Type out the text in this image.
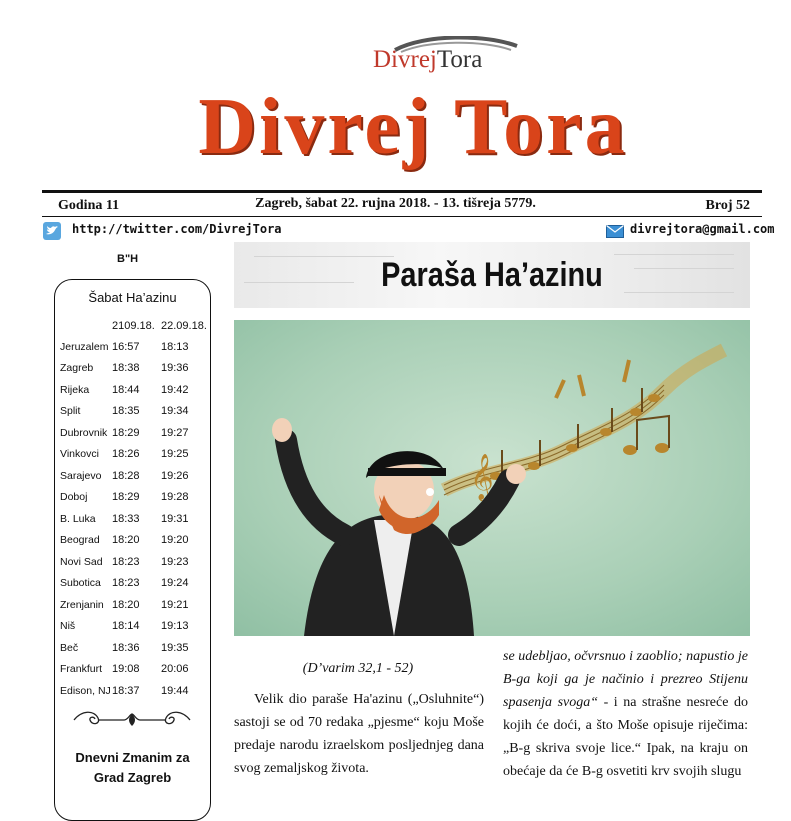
DivrejTora
Divrej Tora
Godina 11	Zagreb, šabat 22. rujna 2018. - 13. tišreja 5779.	Broj 52
http://twitter.com/DivrejTora	divrejtora@gmail.com
B"H
Šabat Ha’azinu
2109.18. 22.09.18.
Jeruzalem 16:57 18:13
Zagreb	18:38 19:36
Rijeka	18:44 19:42
Split	18:35 19:34
Dubrovnik 18:29 19:27
Vinkovci	18:26 19:25
Sarajevo 18:28 19:26
Doboj	18:29 19:28
B. Luka	18:33 19:31
Beograd	18:20 19:20
Novi Sad 18:23 19:23
Subotica	18:23 19:24
Zrenjanin 18:20 19:21
Niš	18:14 19:13
Beč	18:36 19:35
Frankfurt 19:08 20:06
Edison, NJ 18:37 19:44
Dnevni Zmanim za
Grad Zagreb
Paraša Ha’azinu
𝄞
(D’varim 32,1 - 52)
Velik dio paraše Ha'azinu („Osluhnite“) sastoji se od 70 redaka „pjesme“ koju Moše predaje narodu izraelskom posljednjeg dana svog zemaljskog života.
se udebljao, očvrsnuo i zaoblio; napustio je B-ga koji ga je načinio i prezreo Stijenu spasenja svoga“ - i na strašne nesreće do kojih će doći, a što Moše opisuje riječima: „B-g skriva svoje lice.“ Ipak, na kraju on obećaje da će B-g osvetiti krv svojih slugu
